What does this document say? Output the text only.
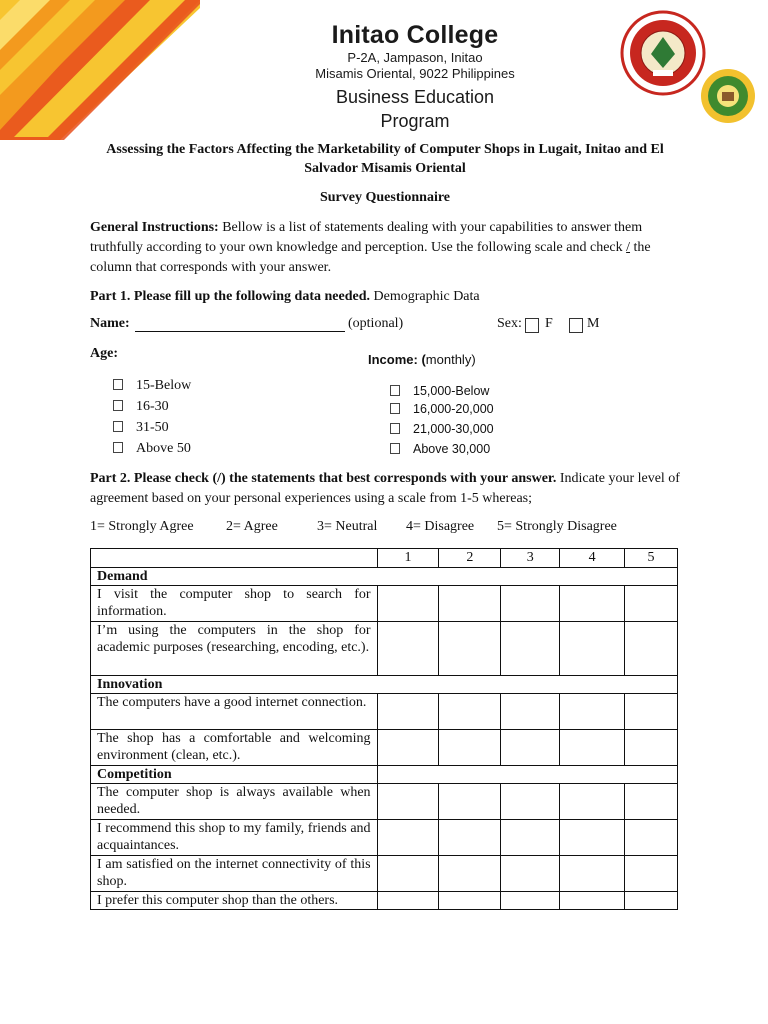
Initao College
P-2A, Jampason, Initao
Misamis Oriental, 9022 Philippines
Business Education Program
Assessing the Factors Affecting the Marketability of Computer Shops in Lugait, Initao and El Salvador Misamis Oriental
Survey Questionnaire
General Instructions: Bellow is a list of statements dealing with your capabilities to answer them truthfully according to your own knowledge and perception. Use the following scale and check / the column that corresponds with your answer.
Part 1. Please fill up the following data needed. Demographic Data
Name:	(optional)	Sex: F M
Age:	Income: (monthly)
15-Below
16-30
31-50
Above 50
15,000-Below
16,000-20,000
21,000-30,000
Above 30,000
Part 2. Please check (/) the statements that best corresponds with your answer. Indicate your level of agreement based on your personal experiences using a scale from 1-5 whereas;
1= Strongly Agree 2= Agree	3= Neutral 4= Disagree 5= Strongly Disagree
	1	2	3	4	5
Demand					
I visit the computer shop to search for information.					
I’m using the computers in the shop for academic purposes (researching, encoding, etc.).					
Innovation					
The computers have a good internet connection.					
The shop has a comfortable and welcoming environment (clean, etc.).					
Competition					
The computer shop is always available when needed.					
I recommend this shop to my family, friends and acquaintances.					
I am satisfied on the internet connectivity of this shop.					
I prefer this computer shop than the others.					
